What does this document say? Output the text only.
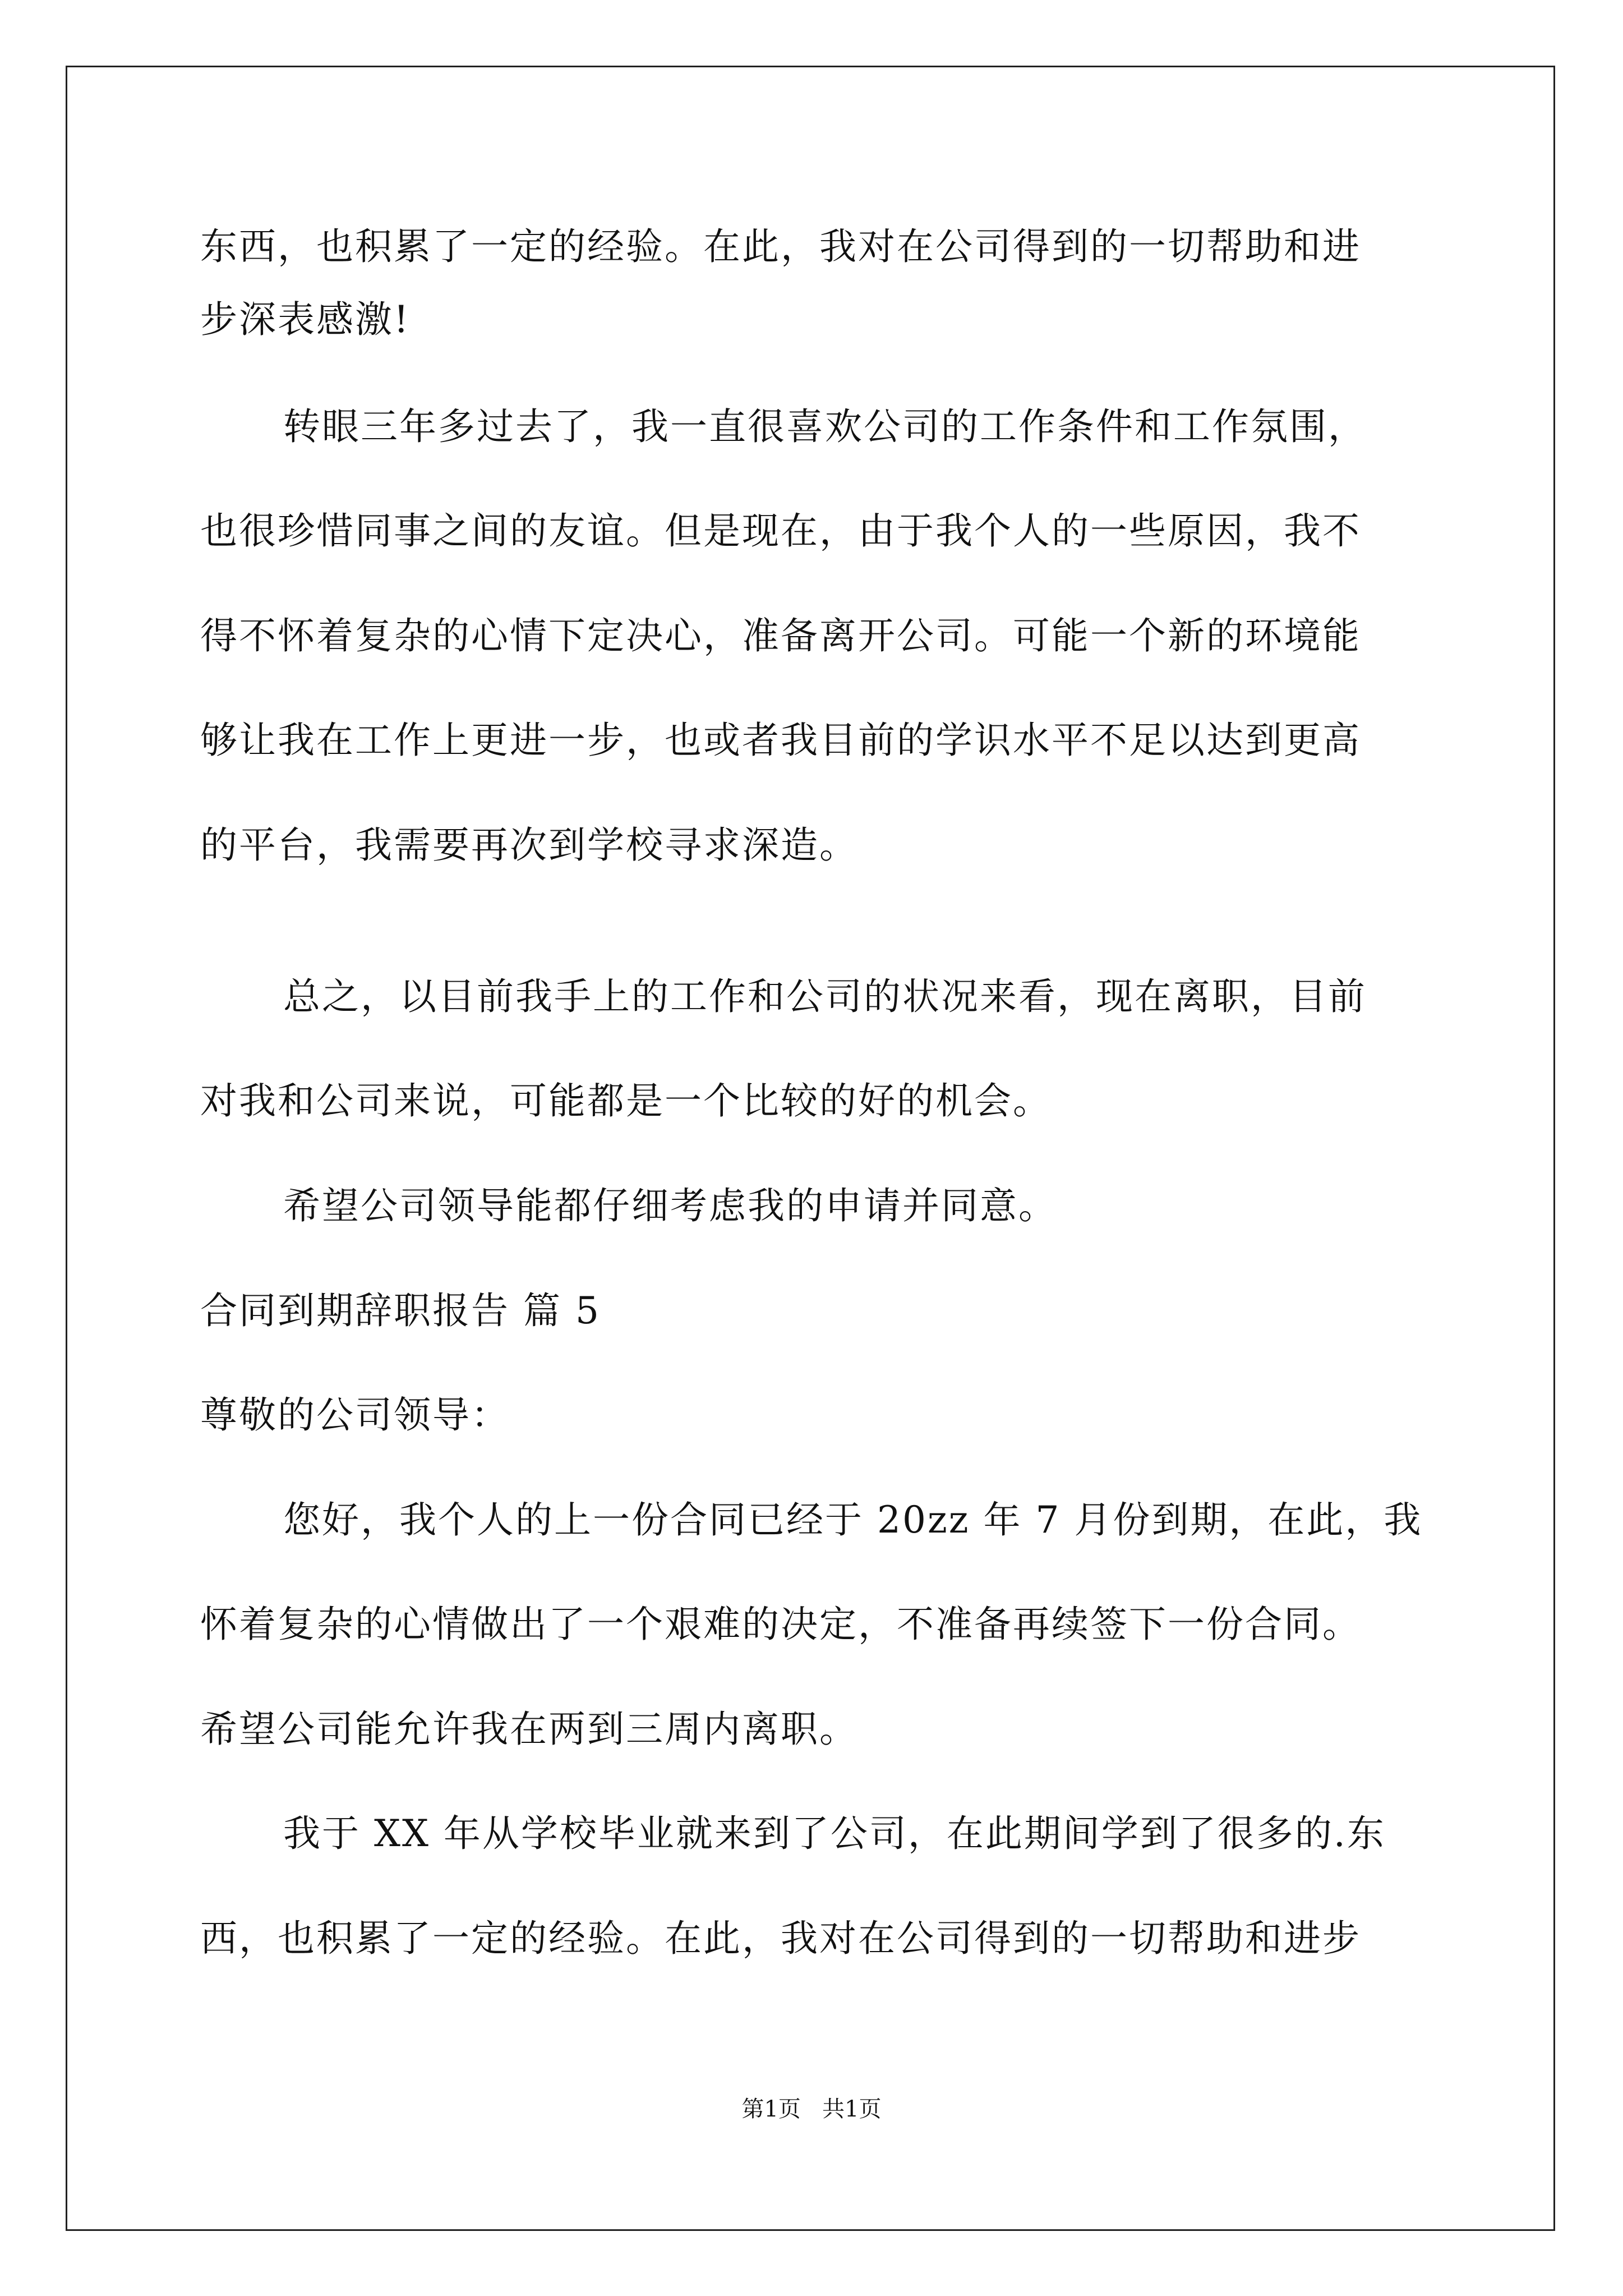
东西，也积累了一定的经验。在此，我对在公司得到的一切帮助和进
步深表感激!
转眼三年多过去了，我一直很喜欢公司的工作条件和工作氛围，
也很珍惜同事之间的友谊。但是现在，由于我个人的一些原因，我不
得不怀着复杂的心情下定决心，准备离开公司。可能一个新的环境能
够让我在工作上更进一步，也或者我目前的学识水平不足以达到更高
的平台，我需要再次到学校寻求深造。
总之，以目前我手上的工作和公司的状况来看，现在离职，目前
对我和公司来说，可能都是一个比较的好的机会。
希望公司领导能都仔细考虑我的申请并同意。
合同到期辞职报告 篇 5
尊敬的公司领导：
您好，我个人的上一份合同已经于 20zz 年 7 月份到期，在此，我
怀着复杂的心情做出了一个艰难的决定，不准备再续签下一份合同。
希望公司能允许我在两到三周内离职。
我于 XX 年从学校毕业就来到了公司，在此期间学到了很多的.东
西，也积累了一定的经验。在此，我对在公司得到的一切帮助和进步
第1页   共1页
